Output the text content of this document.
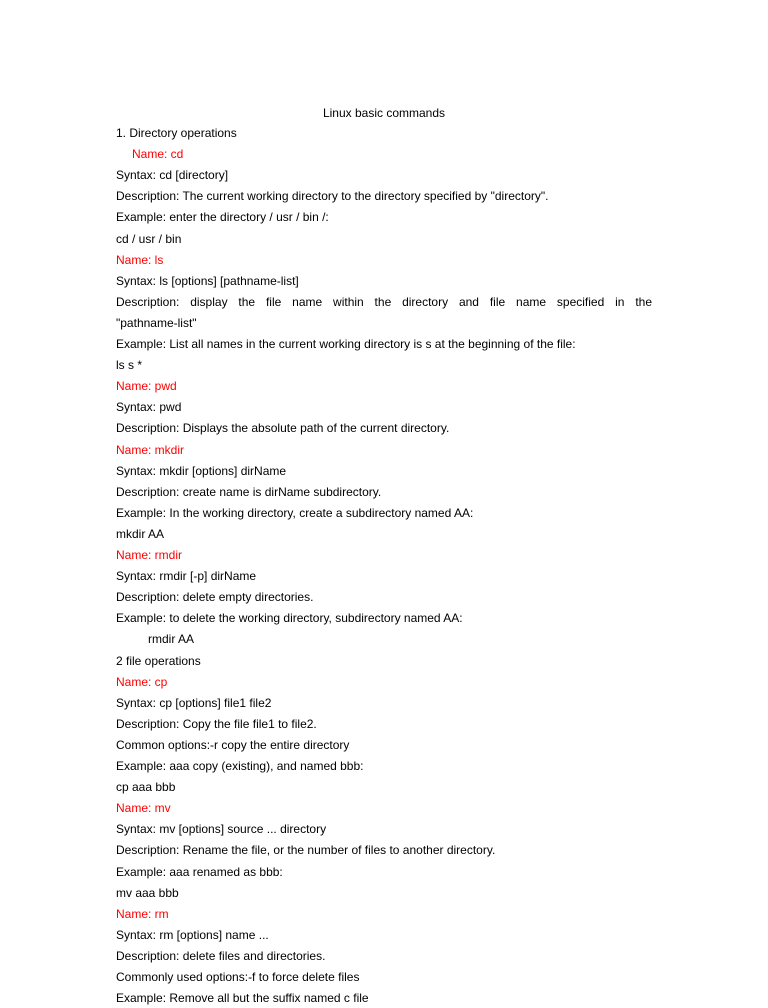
Linux basic commands
1. Directory operations
Name: cd
Syntax: cd [directory]
Description: The current working directory to the directory specified by "directory".
Example: enter the directory / usr / bin /:
cd / usr / bin
Name: ls
Syntax: ls [options] [pathname-list]
Description: display the file name within the directory and file name specified in the
"pathname-list"
Example: List all names in the current working directory is s at the beginning of the file:
ls s *
Name: pwd
Syntax: pwd
Description: Displays the absolute path of the current directory.
Name: mkdir
Syntax: mkdir [options] dirName
Description: create name is dirName subdirectory.
Example: In the working directory, create a subdirectory named AA:
mkdir AA
Name: rmdir
Syntax: rmdir [-p] dirName
Description: delete empty directories.
Example: to delete the working directory, subdirectory named AA:
rmdir AA
2 file operations
Name: cp
Syntax: cp [options] file1 file2
Description: Copy the file file1 to file2.
Common options:-r copy the entire directory
Example: aaa copy (existing), and named bbb:
cp aaa bbb
Name: mv
Syntax: mv [options] source ... directory
Description: Rename the file, or the number of files to another directory.
Example: aaa renamed as bbb:
mv aaa bbb
Name: rm
Syntax: rm [options] name ...
Description: delete files and directories.
Commonly used options:-f to force delete files
Example: Remove all but the suffix named c file
